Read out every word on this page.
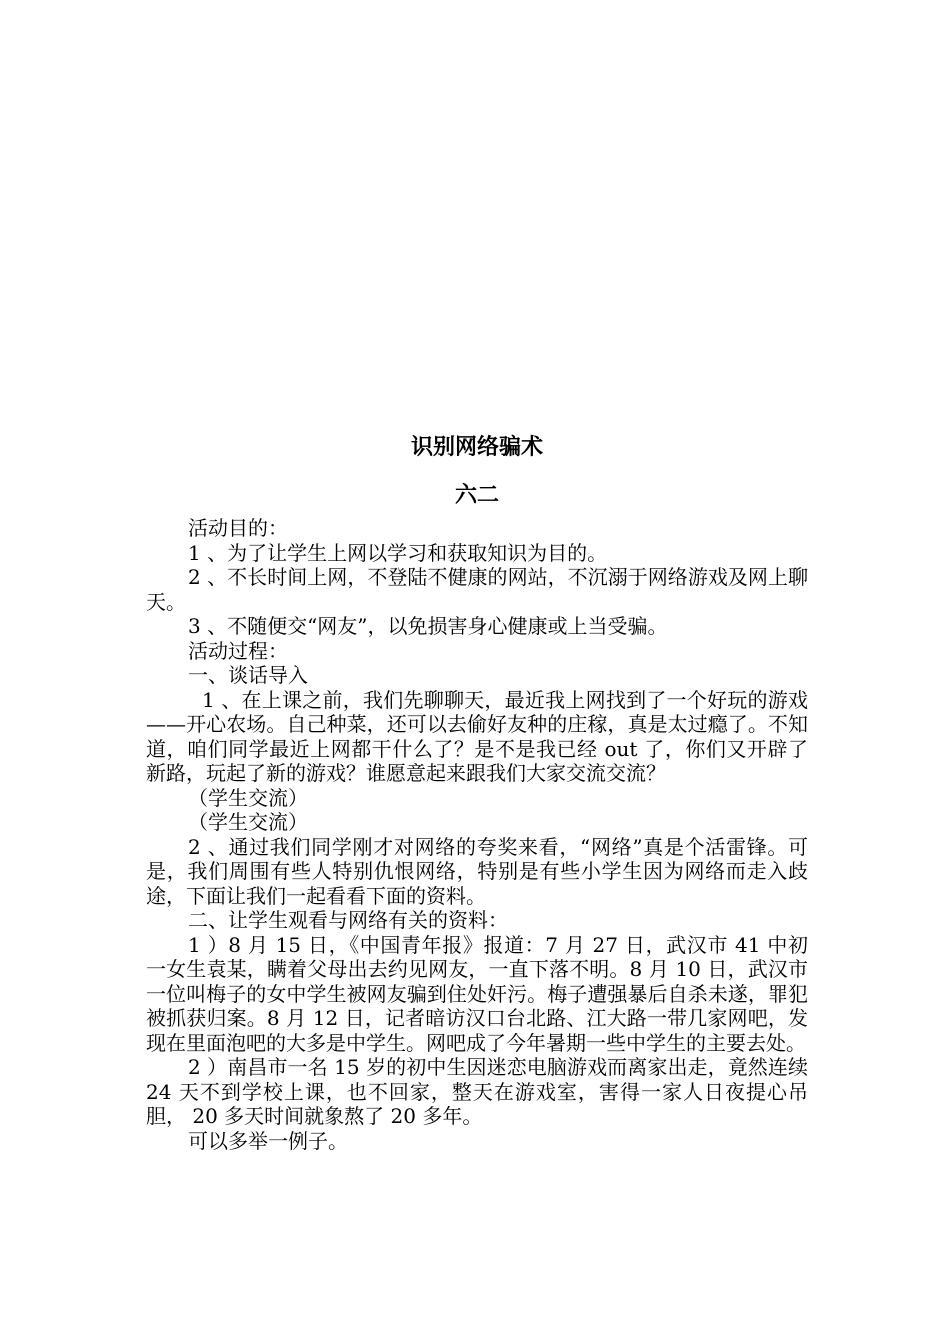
识别网络骗术
六二

活动目的：

1 、为了让学生上网以学习和获取知识为目的。

2 、不长时间上网，不登陆不健康的网站，不沉溺于网络游戏及网上聊天。

3 、不随便交“网友”，以免损害身心健康或上当受骗。

活动过程：

一、谈话导入

1 、在上课之前，我们先聊聊天，最近我上网找到了一个好玩的游戏——开心农场。自己种菜，还可以去偷好友种的庄稼，真是太过瘾了。不知道，咱们同学最近上网都干什么了？是不是我已经 out 了，你们又开辟了新路，玩起了新的游戏？谁愿意起来跟我们大家交流交流？

（学生交流）

（学生交流）

2 、通过我们同学刚才对网络的夸奖来看，“网络”真是个活雷锋。可是，我们周围有些人特别仇恨网络，特别是有些小学生因为网络而走入歧途，下面让我们一起看看下面的资料。

二、让学生观看与网络有关的资料：

1 ）8 月 15 日，《中国青年报》报道：7 月 27 日，武汉市 41 中初一女生袁某，瞒着父母出去约见网友，一直下落不明。8 月 10 日，武汉市一位叫梅子的女中学生被网友骗到住处奸污。梅子遭强暴后自杀未遂，罪犯被抓获归案。8 月 12 日，记者暗访汉口台北路、江大路一带几家网吧，发现在里面泡吧的大多是中学生。网吧成了今年暑期一些中学生的主要去处。

2 ）南昌市一名 15 岁的初中生因迷恋电脑游戏而离家出走，竟然连续 24 天不到学校上课，也不回家，整天在游戏室，害得一家人日夜提心吊胆， 20 多天时间就象熬了 20 多年。

可以多举一例子。
